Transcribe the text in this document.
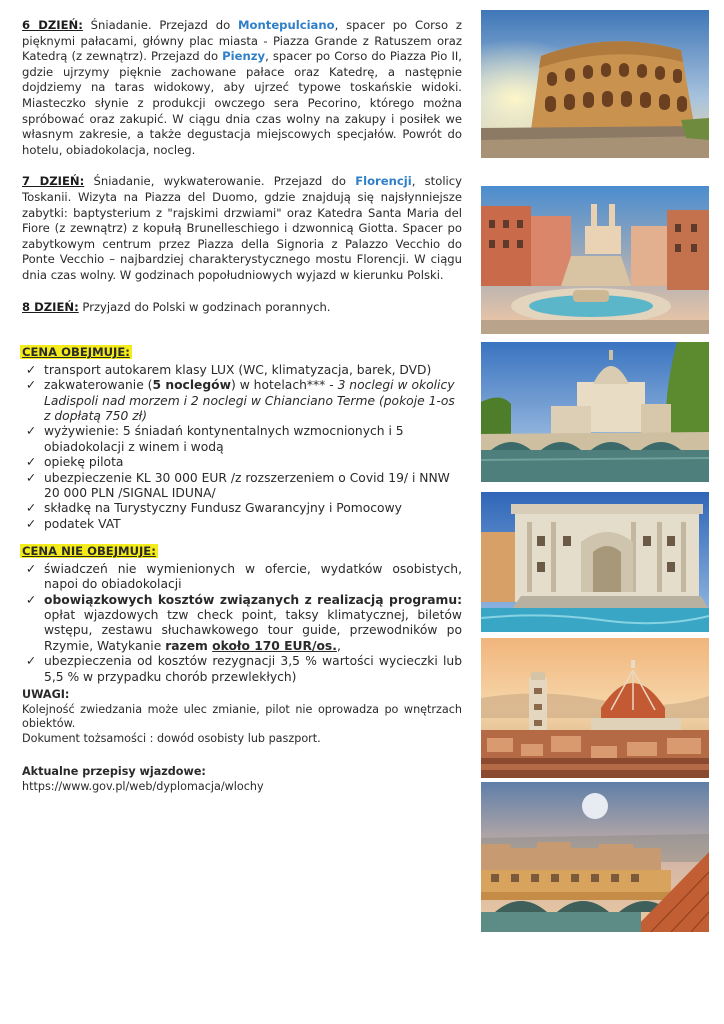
6 DZIEŃ: Śniadanie. Przejazd do Montepulciano, spacer po Corso z pięknymi pałacami, główny plac miasta - Piazza Grande z Ratuszem oraz Katedrą (z zewnątrz). Przejazd do Pienzy, spacer po Corso do Piazza Pio II, gdzie ujrzymy pięknie zachowane pałace oraz Katedrę, a następnie dojdziemy na taras widokowy, aby ujrzeć typowe toskańskie widoki. Miasteczko słynie z produkcji owczego sera Pecorino, którego można spróbować oraz zakupić. W ciągu dnia czas wolny na zakupy i posiłek we własnym zakresie, a także degustacja miejscowych specjałów. Powrót do hotelu, obiadokolacja, nocleg.

7 DZIEŃ: Śniadanie, wykwaterowanie. Przejazd do Florencji, stolicy Toskanii. Wizyta na Piazza del Duomo, gdzie znajdują się najsłynniejsze zabytki: baptysterium z "rajskimi drzwiami" oraz Katedra Santa Maria del Fiore (z zewnątrz) z kopułą Brunelleschiego i dzwonnicą Giotta. Spacer po zabytkowym centrum przez Piazza della Signoria z Palazzo Vecchio do Ponte Vecchio – najbardziej charakterystycznego mostu Florencji. W ciągu dnia czas wolny. W godzinach popołudniowych wyjazd w kierunku Polski.

8 DZIEŃ: Przyjazd do Polski w godzinach porannych.

CENA OBEJMUJE:
✓ transport autokarem klasy LUX (WC, klimatyzacja, barek, DVD)
✓ zakwaterowanie (5 noclegów) w hotelach*** - 3 noclegi w okolicy Ladispoli nad morzem i 2 noclegi w Chianciano Terme (pokoje 1-os z dopłatą 750 zł)
✓ wyżywienie: 5 śniadań kontynentalnych wzmocnionych i 5 obiadokolacji z winem i wodą
✓ opiekę pilota
✓ ubezpieczenie KL 30 000 EUR /z rozszerzeniem o Covid 19/ i NNW 20 000 PLN /SIGNAL IDUNA/
✓ składkę na Turystyczny Fundusz Gwarancyjny i Pomocowy
✓ podatek VAT
CENA NIE OBEJMUJE:
✓ świadczeń nie wymienionych w ofercie, wydatków osobistych, napoi do obiadokolacji
✓ obowiązkowych kosztów związanych z realizacją programu: opłat wjazdowych tzw check point, taksy klimatycznej, biletów wstępu, zestawu słuchawkowego tour guide, przewodników po Rzymie, Watykanie razem około 170 EUR/os.,
✓ ubezpieczenia od kosztów rezygnacji 3,5 % wartości wycieczki lub 5,5 % w przypadku chorób przewlekłych)
UWAGI:

Kolejność zwiedzania może ulec zmianie, pilot nie oprowadza po wnętrzach obiektów.

Dokument tożsamości : dowód osobisty lub paszport.

Aktualne przepisy wjazdowe:

https://www.gov.pl/web/dyplomacja/wlochy
